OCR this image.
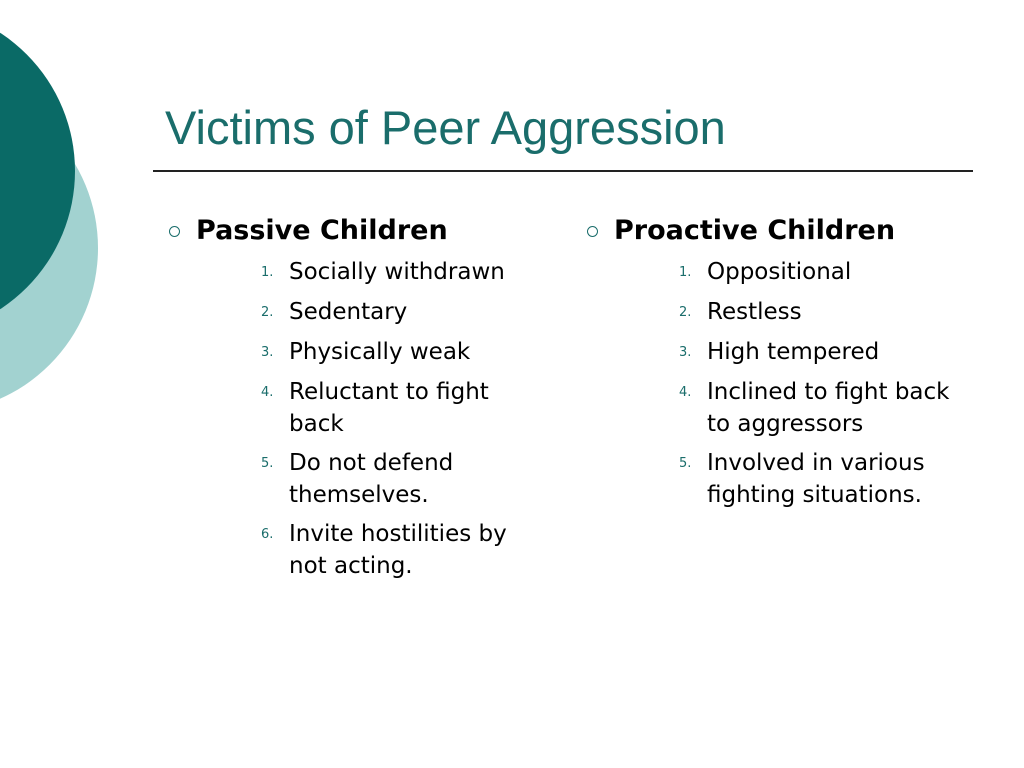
Victims of Peer Aggression
Passive Children
1. Socially withdrawn
2. Sedentary
3. Physically weak
4. Reluctant to fight back
5. Do not defend themselves.
6. Invite hostilities by not acting.
Proactive Children
1. Oppositional
2. Restless
3. High tempered
4. Inclined to fight back to aggressors
5. Involved in various fighting situations.
